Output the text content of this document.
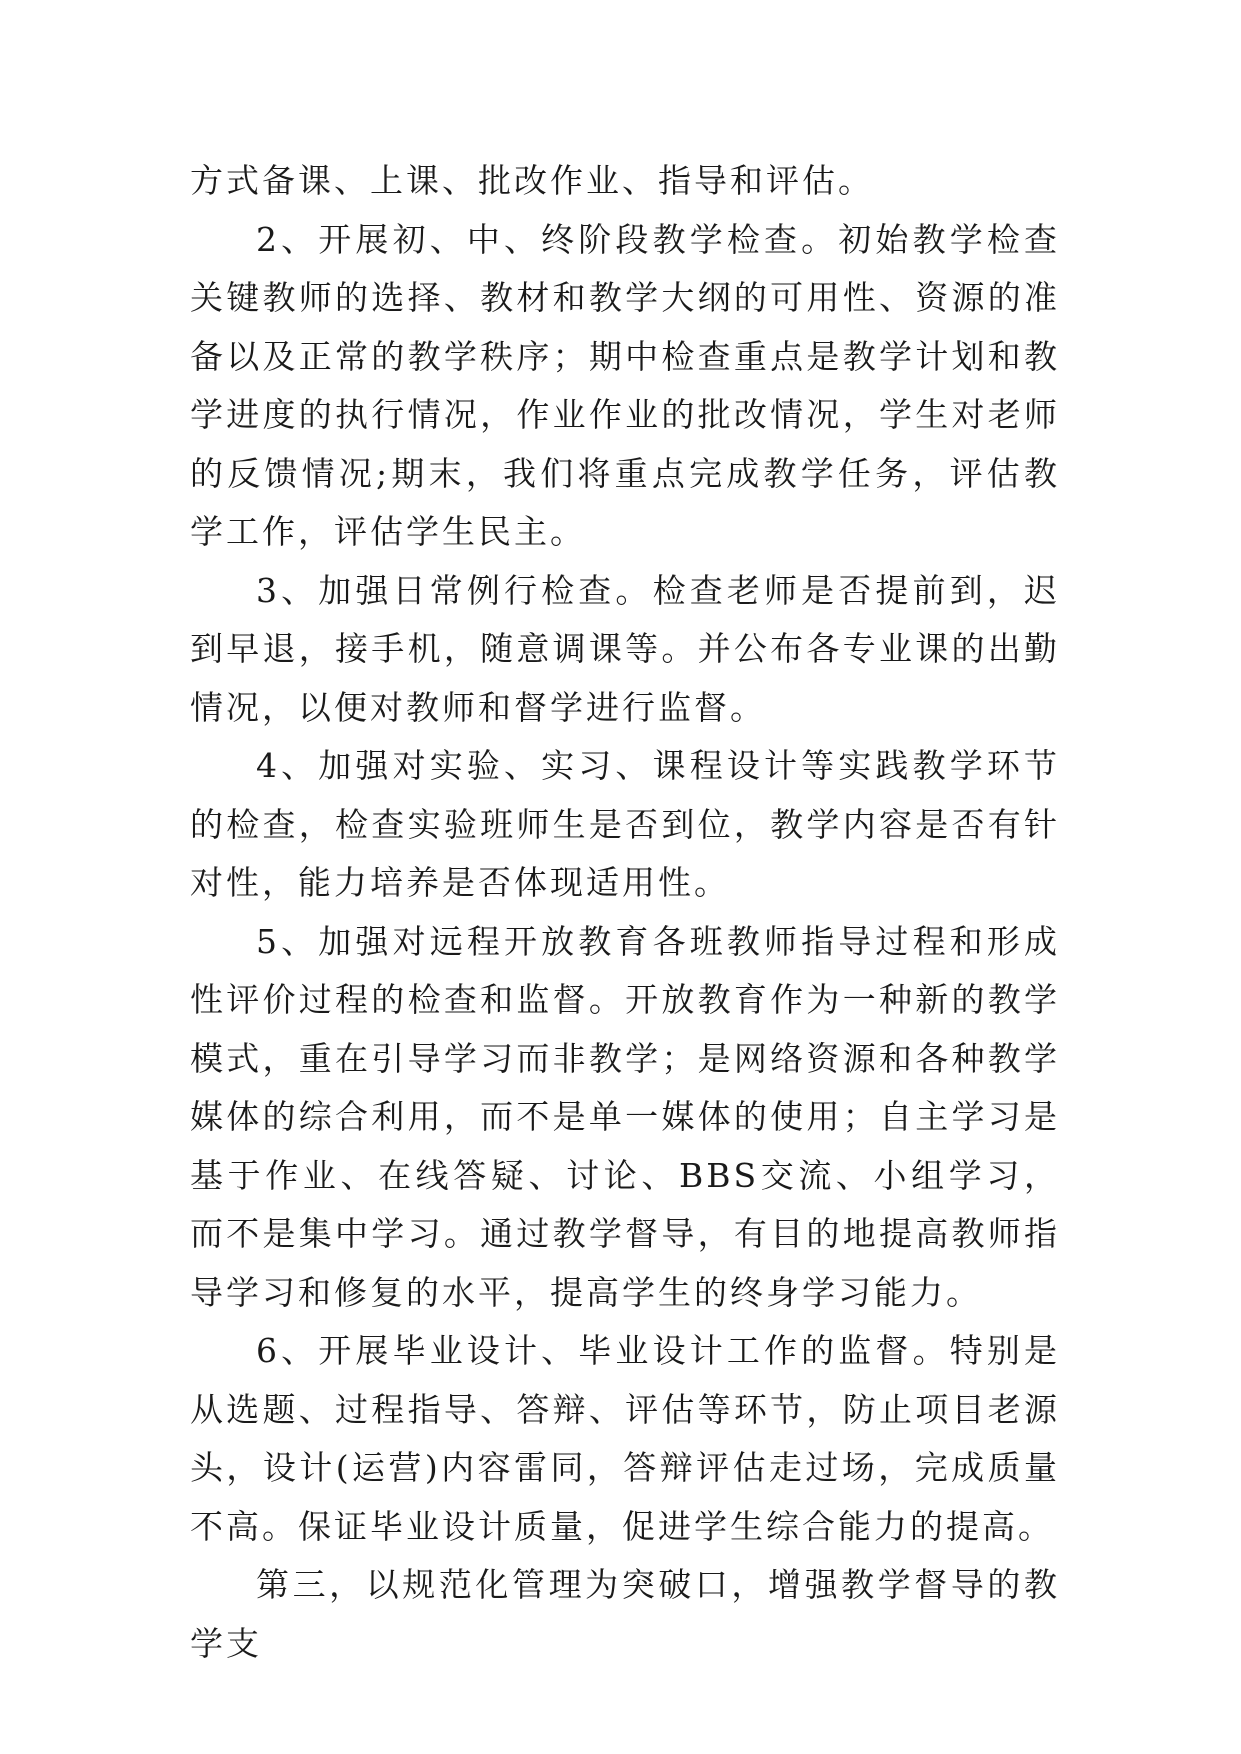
方式备课、上课、批改作业、指导和评估。

2、开展初、中、终阶段教学检查。初始教学检查关键教师的选择、教材和教学大纲的可用性、资源的准备以及正常的教学秩序；期中检查重点是教学计划和教学进度的执行情况，作业作业的批改情况，学生对老师的反馈情况;期末，我们将重点完成教学任务，评估教学工作，评估学生民主。

3、加强日常例行检查。检查老师是否提前到，迟到早退，接手机，随意调课等。并公布各专业课的出勤情况，以便对教师和督学进行监督。

4、加强对实验、实习、课程设计等实践教学环节的检查，检查实验班师生是否到位，教学内容是否有针对性，能力培养是否体现适用性。

5、加强对远程开放教育各班教师指导过程和形成性评价过程的检查和监督。开放教育作为一种新的教学模式，重在引导学习而非教学；是网络资源和各种教学媒体的综合利用，而不是单一媒体的使用；自主学习是基于作业、在线答疑、讨论、BBS交流、小组学习，而不是集中学习。通过教学督导，有目的地提高教师指导学习和修复的水平，提高学生的终身学习能力。

6、开展毕业设计、毕业设计工作的监督。特别是从选题、过程指导、答辩、评估等环节，防止项目老源头，设计(运营)内容雷同，答辩评估走过场，完成质量不高。保证毕业设计质量，促进学生综合能力的提高。

第三，以规范化管理为突破口，增强教学督导的教学支
